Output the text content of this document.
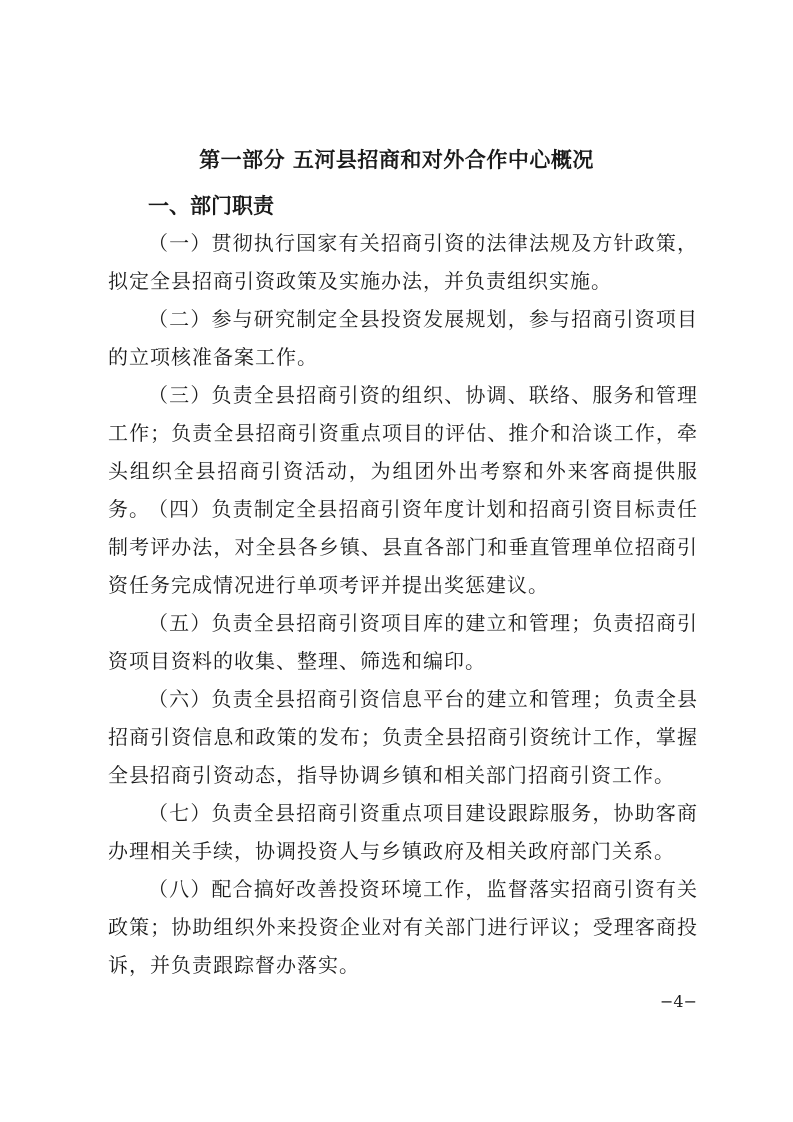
第一部分 五河县招商和对外合作中心概况
一、部门职责

（一）贯彻执行国家有关招商引资的法律法规及方针政策，拟定全县招商引资政策及实施办法，并负责组织实施。

（二）参与研究制定全县投资发展规划，参与招商引资项目的立项核准备案工作。

（三）负责全县招商引资的组织、协调、联络、服务和管理工作；负责全县招商引资重点项目的评估、推介和洽谈工作，牵头组织全县招商引资活动，为组团外出考察和外来客商提供服务。

（四）负责制定全县招商引资年度计划和招商引资目标责任制考评办法，对全县各乡镇、县直各部门和垂直管理单位招商引资任务完成情况进行单项考评并提出奖惩建议。

（五）负责全县招商引资项目库的建立和管理；负责招商引资项目资料的收集、整理、筛选和编印。

（六）负责全县招商引资信息平台的建立和管理；负责全县招商引资信息和政策的发布；负责全县招商引资统计工作，掌握全县招商引资动态，指导协调乡镇和相关部门招商引资工作。

（七）负责全县招商引资重点项目建设跟踪服务，协助客商办理相关手续，协调投资人与乡镇政府及相关政府部门关系。

（八）配合搞好改善投资环境工作，监督落实招商引资有关政策；协助组织外来投资企业对有关部门进行评议；受理客商投诉，并负责跟踪督办落实。

−4−
